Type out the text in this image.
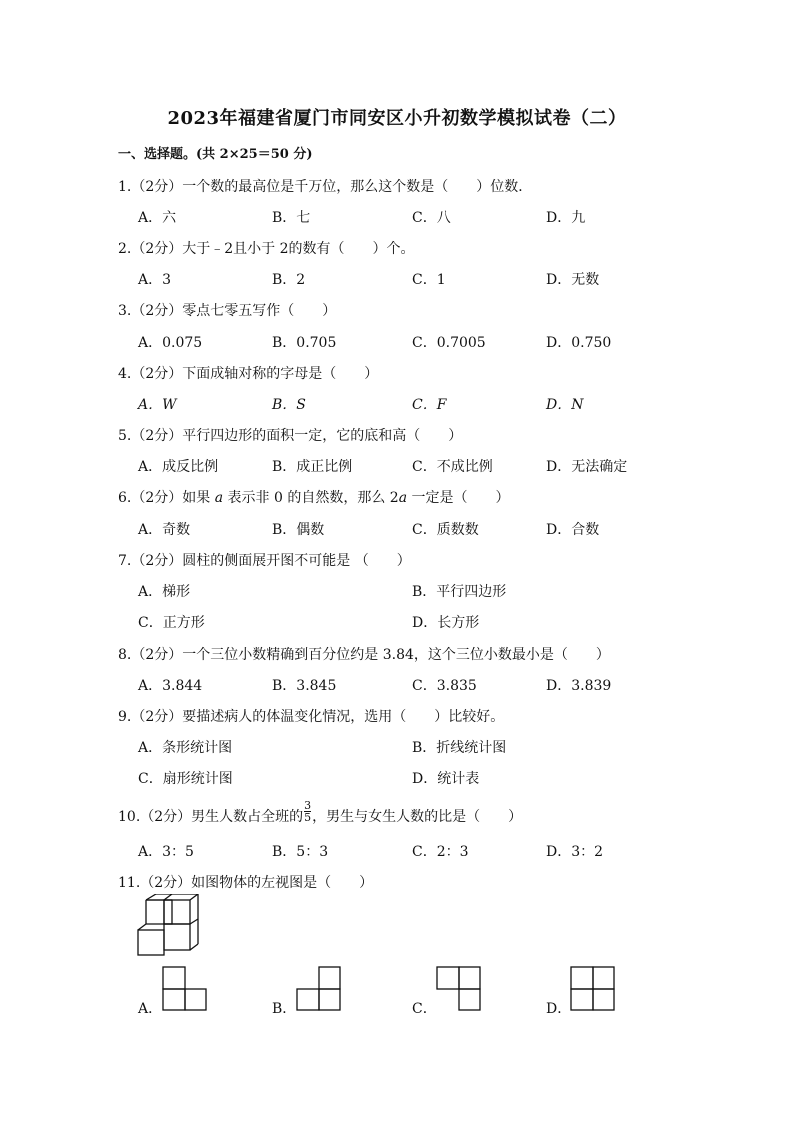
2023年福建省厦门市同安区小升初数学模拟试卷（二）
一、选择题。(共 2×25＝50 分)
1.（2分）一个数的最高位是千万位，那么这个数是（　　）位数．
A．六	B．七	C．八	D．九
2.（2分）大于﹣2且小于 2的数有（　　）个。
A．3	B．2	C．1	D．无数
3.（2分）零点七零五写作（　　）
A．0.075	B．0.705	C．0.7005	D．0.750
4.（2分）下面成轴对称的字母是（　　）
A．W	B．S	C．F	D．N
5.（2分）平行四边形的面积一定，它的底和高（　　）
A．成反比例	B．成正比例	C．不成比例	D．无法确定
6.（2分）如果 a 表示非 0 的自然数，那么 2a 一定是（　　）
A．奇数	B．偶数	C．质数数	D．合数
7.（2分）圆柱的侧面展开图不可能是 （　　）
A．梯形	B．平行四边形
C．正方形	D．长方形
8.（2分）一个三位小数精确到百分位约是 3.84，这个三位小数最小是（　　）
A．3.844	B．3.845	C．3.835	D．3.839
9.（2分）要描述病人的体温变化情况，选用（　　）比较好。
A．条形统计图	B．折线统计图
C．扇形统计图	D．统计表
10.（2分）男生人数占全班的 $\frac{3}{5}$ ，男生与女生人数的比是（　　）
A．3：5	B．5：3	C．2：3	D．3：2
11.（2分）如图物体的左视图是（　　）
A．	B．	C．	D．
